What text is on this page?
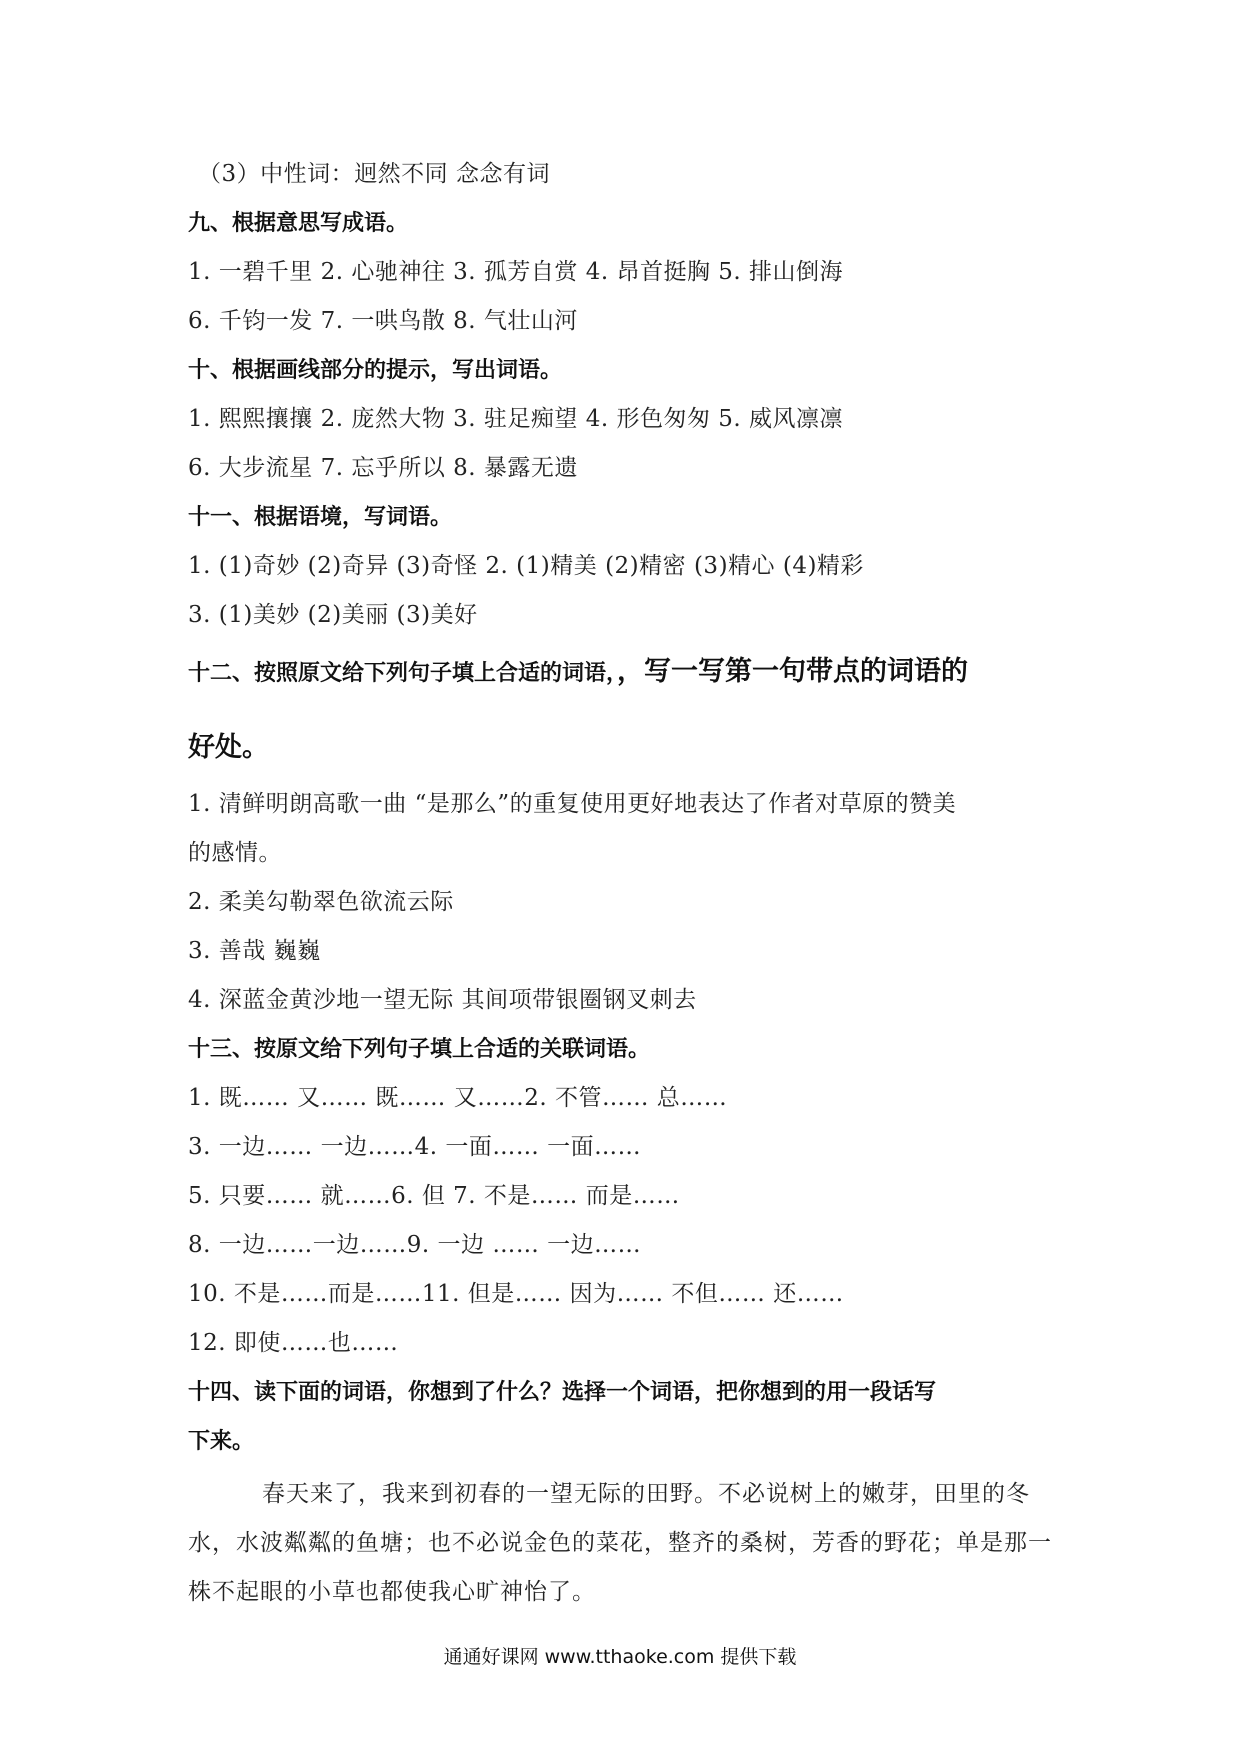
（3）中性词：迥然不同 念念有词
九、根据意思写成语。
1. 一碧千里 2. 心驰神往 3. 孤芳自赏 4. 昂首挺胸 5. 排山倒海
6. 千钧一发 7. 一哄鸟散 8. 气壮山河
十、根据画线部分的提示，写出词语。
1. 熙熙攘攘 2. 庞然大物 3. 驻足痴望 4. 形色匆匆 5. 威风凛凛
6. 大步流星 7. 忘乎所以 8. 暴露无遗
十一、根据语境，写词语。
1. (1)奇妙 (2)奇异 (3)奇怪 2. (1)精美 (2)精密 (3)精心 (4)精彩
3. (1)美妙 (2)美丽 (3)美好
十二、按照原文给下列句子填上合适的词语，，写一写第一句带点的词语的
好处。
1. 清鲜明朗高歌一曲 “是那么”的重复使用更好地表达了作者对草原的赞美
的感情。
2. 柔美勾勒翠色欲流云际
3. 善哉 巍巍
4. 深蓝金黄沙地一望无际 其间项带银圈钢叉刺去
十三、按原文给下列句子填上合适的关联词语。
1. 既…… 又…… 既…… 又……2. 不管…… 总……
3. 一边…… 一边……4. 一面…… 一面……
5. 只要…… 就……6. 但 7. 不是…… 而是……
8. 一边……一边……9. 一边 …… 一边……
10. 不是……而是……11. 但是…… 因为…… 不但…… 还……
12. 即使……也……
十四、读下面的词语，你想到了什么？选择一个词语，把你想到的用一段话写
下来。
春天来了，我来到初春的一望无际的田野。不必说树上的嫩芽，田里的冬水，水波粼粼的鱼塘；也不必说金色的菜花，整齐的桑树，芳香的野花；单是那一株不起眼的小草也都使我心旷神怡了。
通通好课网 www.tthaoke.com 提供下载
